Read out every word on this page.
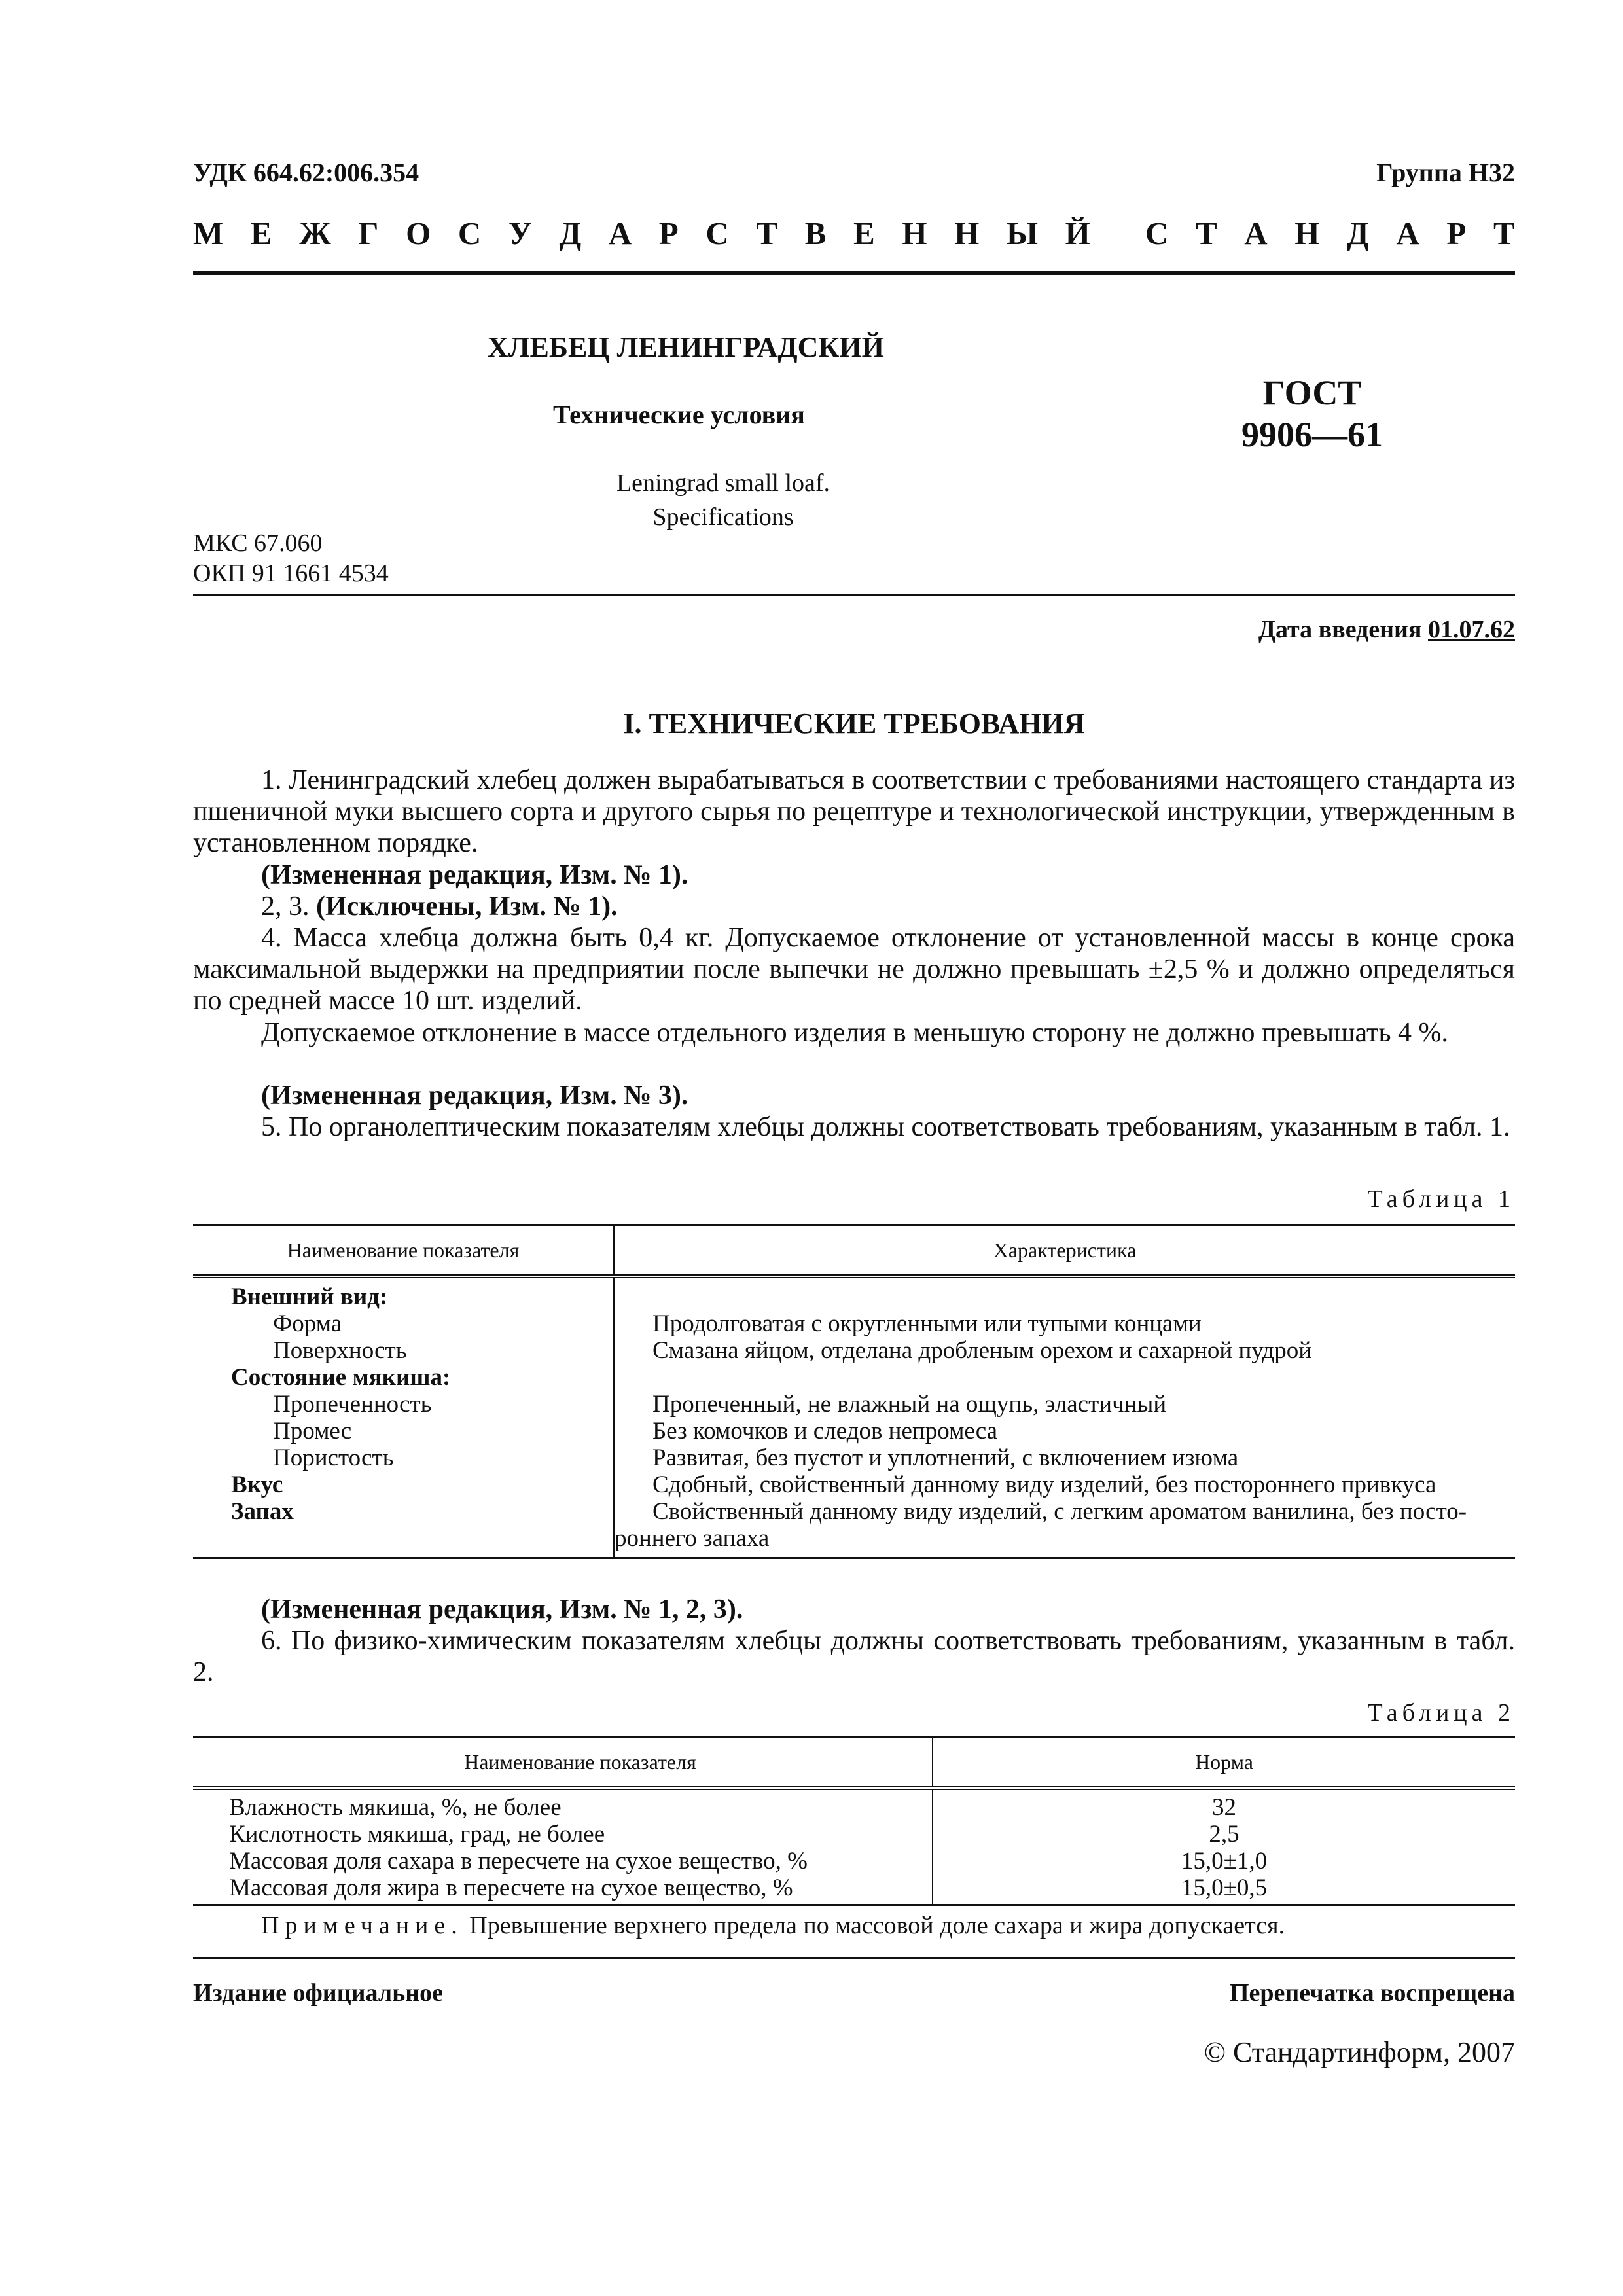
УДК 664.62:006.354	Группа Н32
М Е Ж Г О С У Д А Р С Т В Е Н Н Ы Й С Т А Н Д А Р Т
ХЛЕБЕЦ ЛЕНИНГРАДСКИЙ
Технические условия
Leningrad small loaf.
Specifications
ГОСТ
9906—61
МКС 67.060
ОКП 91 1661 4534
Дата введения 01.07.62
I. ТЕХНИЧЕСКИЕ ТРЕБОВАНИЯ
1. Ленинградский хлебец должен вырабатываться в соответствии с требованиями настоящего стандарта из пшеничной муки высшего сорта и другого сырья по рецептуре и технологической инструкции, утвержденным в установленном порядке.
(Измененная редакция, Изм. № 1).
2, 3. (Исключены, Изм. № 1).
4. Масса хлебца должна быть 0,4 кг. Допускаемое отклонение от установленной массы в конце срока максимальной выдержки на предприятии после выпечки не должно превышать ±2,5 % и должно определяться по средней массе 10 шт. изделий.
Допускаемое отклонение в массе отдельного изделия в меньшую сторону не должно превышать 4 %.
(Измененная редакция, Изм. № 3).
5. По органолептическим показателям хлебцы должны соответствовать требованиям, указанным в табл. 1.
Таблица 1
Наименование показателя	Характеристика
Внешний вид:	
Форма	Продолговатая с округленными или тупыми концами
Поверхность	Смазана яйцом, отделана дробленым орехом и сахарной пудрой
Состояние мякиша:	
Пропеченность	Пропеченный, не влажный на ощупь, эластичный
Промес	Без комочков и следов непромеса
Пористость	Развитая, без пустот и уплотнений, с включением изюма
Вкус	Сдобный, свойственный данному виду изделий, без постороннего привкуса
Запах	Свойственный данному виду изделий, с легким ароматом ванилина, без посто-
роннего запаха
(Измененная редакция, Изм. № 1, 2, 3).
6. По физико-химическим показателям хлебцы должны соответствовать требованиям, указанным в табл. 2.
Таблица 2
Наименование показателя	Норма
Влажность мякиша, %, не более	32
Кислотность мякиша, град, не более	2,5
Массовая доля сахара в пересчете на сухое вещество, %	15,0±1,0
Массовая доля жира в пересчете на сухое вещество, %	15,0±0,5
Примечание. Превышение верхнего предела по массовой доле сахара и жира допускается.
Издание официальное	Перепечатка воспрещена
© Стандартинформ, 2007
